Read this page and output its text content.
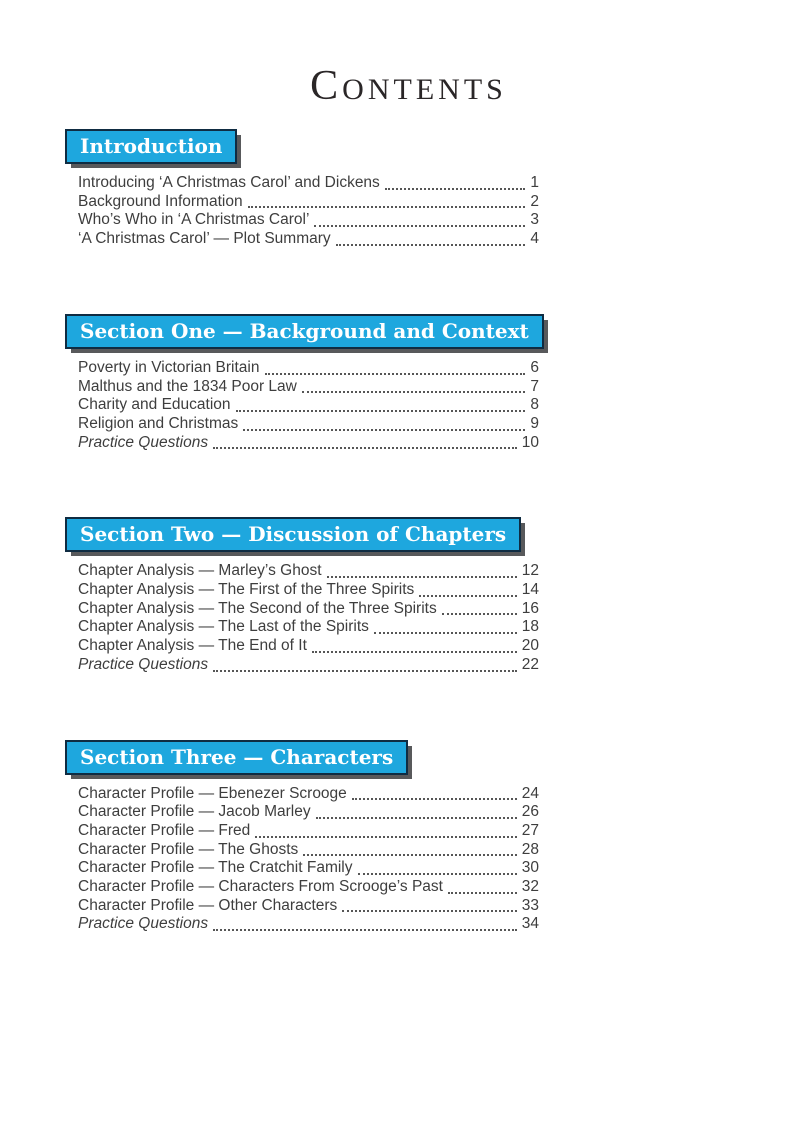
CONTENTS
Introduction
Introducing ‘A Christmas Carol’ and Dickens	1
Background Information	2
Who’s Who in ‘A Christmas Carol’	3
‘A Christmas Carol’ — Plot Summary	4
Section One — Background and Context
Poverty in Victorian Britain	6
Malthus and the 1834 Poor Law	7
Charity and Education	8
Religion and Christmas	9
Practice Questions	10
Section Two — Discussion of Chapters
Chapter Analysis — Marley’s Ghost	12
Chapter Analysis — The First of the Three Spirits	14
Chapter Analysis — The Second of the Three Spirits	16
Chapter Analysis — The Last of the Spirits	18
Chapter Analysis — The End of It	20
Practice Questions	22
Section Three — Characters
Character Profile — Ebenezer Scrooge	24
Character Profile — Jacob Marley	26
Character Profile — Fred	27
Character Profile — The Ghosts	28
Character Profile — The Cratchit Family	30
Character Profile — Characters From Scrooge’s Past	32
Character Profile — Other Characters	33
Practice Questions	34
